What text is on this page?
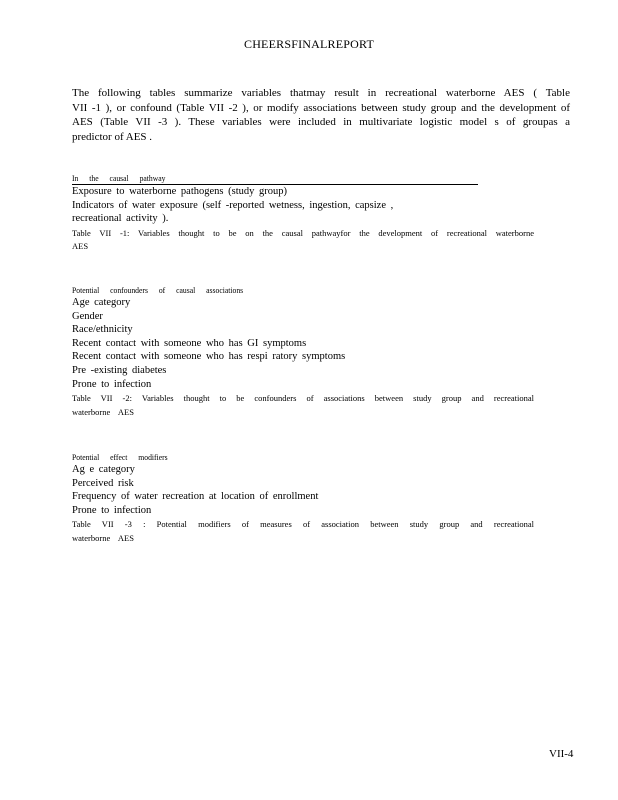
CHEERSFINALREPORT
The following tables summarize variables thatmay result in recreational waterborne AES ( Table
VII -1 ), or confound (Table VII -2 ), or modify associations between study group and the development of
AES (Table VII -3 ). These variables were included in multivariate logistic model s of groupas a
predictor of AES .
In the causal pathway
Exposure to waterborne pathogens (study group)
Indicators of water exposure (self -reported wetness, ingestion, capsize ,
recreational activity ).
Table VII -1: Variables thought to be on the causal pathwayfor the development of recreational waterborne AES
Potential confounders of causal associations
Age category
Gender
Race/ethnicity
Recent contact with someone who has GI symptoms
Recent contact with someone who has respi ratory symptoms
Pre -existing diabetes
Prone to infection
Table VII -2: Variables thought to be confounders of associations between study group and recreational waterborne AES
Potential effect modifiers
Ag e category
Perceived risk
Frequency of water recreation at location of enrollment
Prone to infection
Table VII -3 : Potential modifiers of measures of association between study group and recreational waterborne AES
VII-4
